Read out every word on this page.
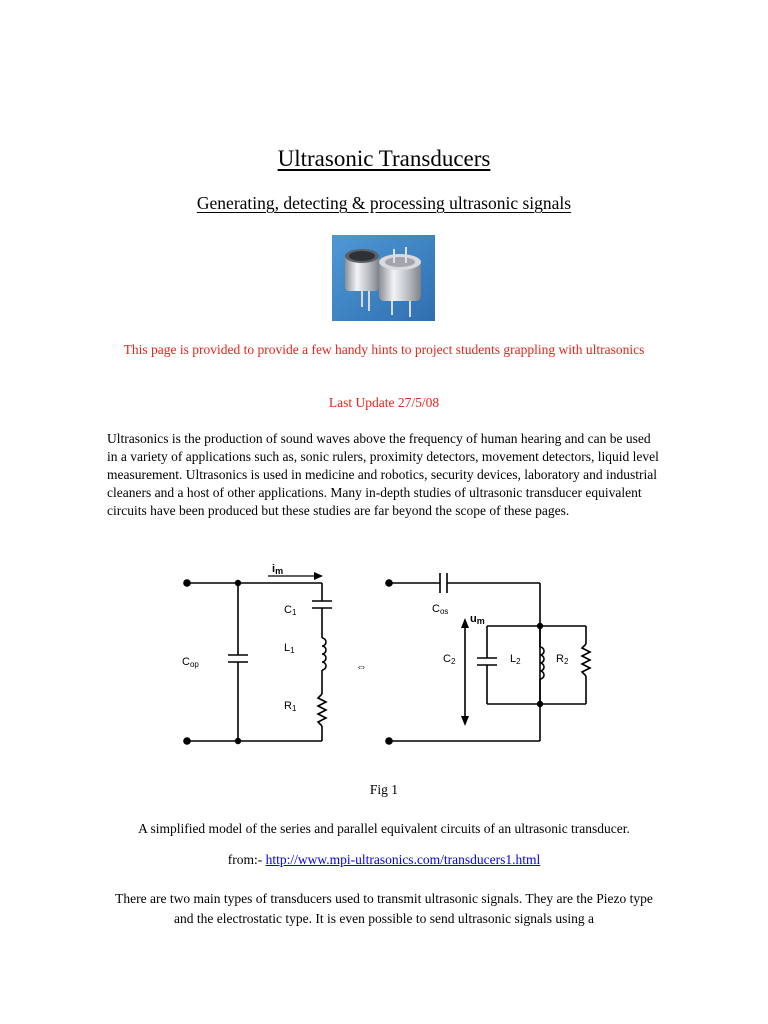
Ultrasonic Transducers
Generating, detecting & processing ultrasonic signals
This page is provided to provide a few handy hints to project students grappling with ultrasonics
Last Update 27/5/08
Ultrasonics is the production of sound waves above the frequency of human hearing and can be used in a variety of applications such as, sonic rulers, proximity detectors, movement detectors, liquid level measurement. Ultrasonics is used in medicine and robotics, security devices, laboratory and industrial cleaners and a host of other applications. Many in-depth studies of ultrasonic transducer equivalent circuits have been produced but these studies are far beyond the scope of these pages.
im
C1
L1
R1
Cop	⇔
Cos
um
C2	L2	R2
Fig 1
A simplified model of the series and parallel equivalent circuits of an ultrasonic transducer.
from:- http://www.mpi-ultrasonics.com/transducers1.html
There are two main types of transducers used to transmit ultrasonic signals. They are the Piezo type and the electrostatic type. It is even possible to send ultrasonic signals using a
